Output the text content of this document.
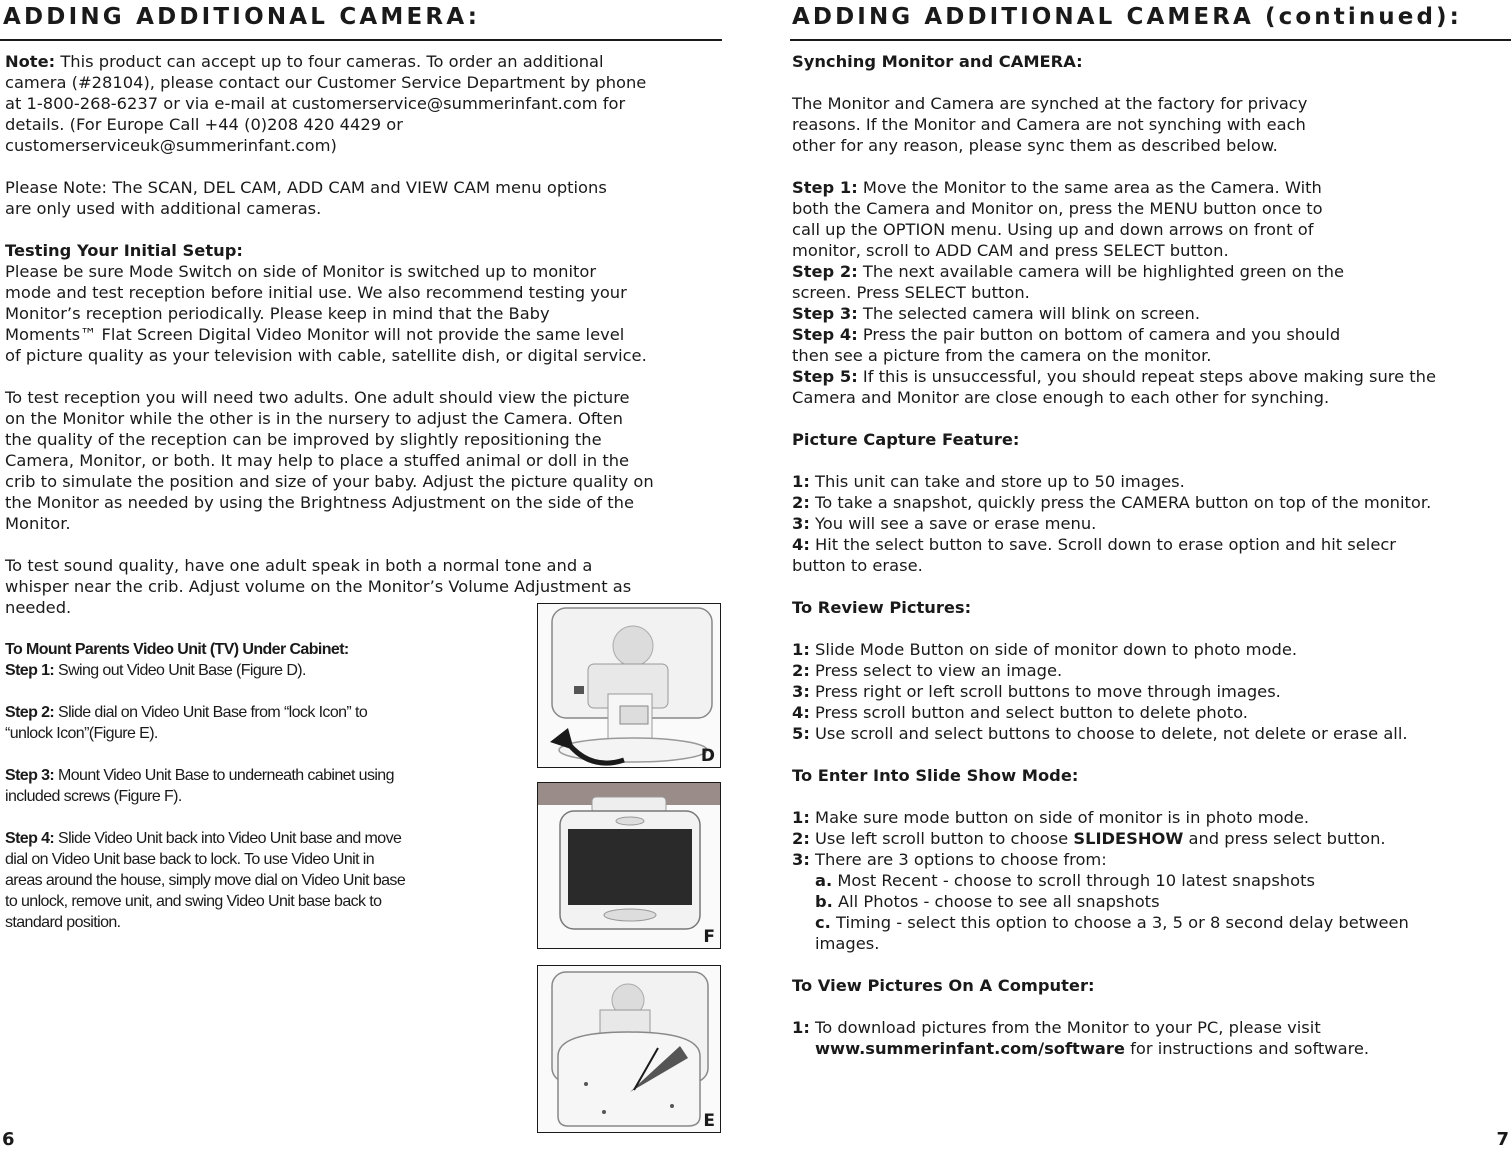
ADDING ADDITIONAL CAMERA:

Note: This product can accept up to four cameras. To order an additional
camera (#28104), please contact our Customer Service Department by phone
at 1-800-268-6237 or via e-mail at customerservice@summerinfant.com for
details. (For Europe Call +44 (0)208 420 4429 or
customerserviceuk@summerinfant.com)

Please Note: The SCAN, DEL CAM, ADD CAM and VIEW CAM menu options
are only used with additional cameras.

Testing Your Initial Setup:

Please be sure Mode Switch on side of Monitor is switched up to monitor
mode and test reception before initial use. We also recommend testing your
Monitor’s reception periodically. Please keep in mind that the Baby
Moments™ Flat Screen Digital Video Monitor will not provide the same level
of picture quality as your television with cable, satellite dish, or digital service.

To test reception you will need two adults. One adult should view the picture
on the Monitor while the other is in the nursery to adjust the Camera. Often
the quality of the reception can be improved by slightly repositioning the
Camera, Monitor, or both. It may help to place a stuffed animal or doll in the
crib to simulate the position and size of your baby. Adjust the picture quality on
the Monitor as needed by using the Brightness Adjustment on the side of the
Monitor.

To test sound quality, have one adult speak in both a normal tone and a
whisper near the crib. Adjust volume on the Monitor’s Volume Adjustment as
needed.

To Mount Parents Video Unit (TV) Under Cabinet:

Step 1: Swing out Video Unit Base (Figure D).

Step 2: Slide dial on Video Unit Base from “lock Icon” to
“unlock Icon”(Figure E).

Step 3: Mount Video Unit Base to underneath cabinet using
included screws (Figure F).

Step 4: Slide Video Unit back into Video Unit base and move
dial on Video Unit base back to lock. To use Video Unit in
areas around the house, simply move dial on Video Unit base
to unlock, remove unit, and swing Video Unit base back to
standard position.

D
F
E
6
ADDING ADDITIONAL CAMERA (continued):

Synching Monitor and CAMERA:

The Monitor and Camera are synched at the factory for privacy
reasons. If the Monitor and Camera are not synching with each
other for any reason, please sync them as described below.

Step 1: Move the Monitor to the same area as the Camera. With
both the Camera and Monitor on, press the MENU button once to
call up the OPTION menu. Using up and down arrows on front of
monitor, scroll to ADD CAM and press SELECT button.

Step 2: The next available camera will be highlighted green on the
screen. Press SELECT button.

Step 3: The selected camera will blink on screen.

Step 4: Press the pair button on bottom of camera and you should
then see a picture from the camera on the monitor.

Step 5: If this is unsuccessful, you should repeat steps above making sure the
Camera and Monitor are close enough to each other for synching.

Picture Capture Feature:

1: This unit can take and store up to 50 images.

2: To take a snapshot, quickly press the CAMERA button on top of the monitor.

3: You will see a save or erase menu.

4: Hit the select button to save. Scroll down to erase option and hit selecr
button to erase.

To Review Pictures:

1: Slide Mode Button on side of monitor down to photo mode.

2: Press select to view an image.

3: Press right or left scroll buttons to move through images.

4: Press scroll button and select button to delete photo.

5: Use scroll and select buttons to choose to delete, not delete or erase all.

To Enter Into Slide Show Mode:

1: Make sure mode button on side of monitor is in photo mode.

2: Use left scroll button to choose SLIDESHOW and press select button.

3: There are 3 options to choose from:

a. Most Recent - choose to scroll through 10 latest snapshots

b. All Photos - choose to see all snapshots

c. Timing - select this option to choose a 3, 5 or 8 second delay between
images.

To View Pictures On A Computer:

1: To download pictures from the Monitor to your PC, please visit

www.summerinfant.com/software for instructions and software.

7
